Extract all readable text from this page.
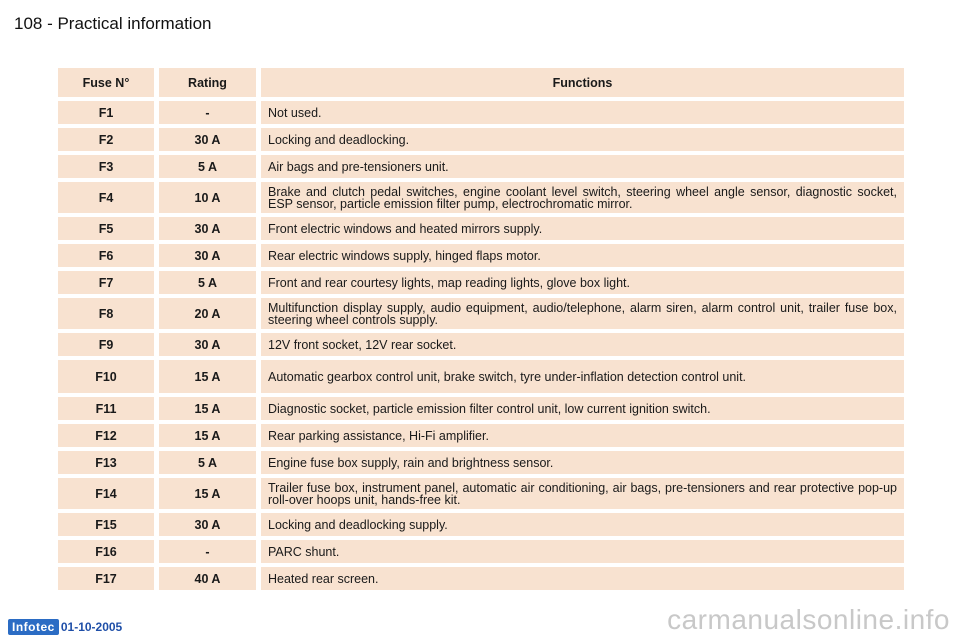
108 - Practical information
Fuse N°	Rating	Functions
F1	-	Not used.
F2	30 A	Locking and deadlocking.
F3	5 A	Air bags and pre-tensioners unit.
F4	10 A	Brake and clutch pedal switches, engine coolant level switch, steering wheel angle sensor, diagnostic socket, ESP sensor, particle emission filter pump, electrochromatic mirror.
F5	30 A	Front electric windows and heated mirrors supply.
F6	30 A	Rear electric windows supply, hinged flaps motor.
F7	5 A	Front and rear courtesy lights, map reading lights, glove box light.
F8	20 A	Multifunction display supply, audio equipment, audio/telephone, alarm siren, alarm control unit, trailer fuse box, steering wheel controls supply.
F9	30 A	12V front socket, 12V rear socket.
F10	15 A	Automatic gearbox control unit, brake switch, tyre under-inflation detection control unit.
F11	15 A	Diagnostic socket, particle emission filter control unit, low current ignition switch.
F12	15 A	Rear parking assistance, Hi-Fi amplifier.
F13	5 A	Engine fuse box supply, rain and brightness sensor.
F14	15 A	Trailer fuse box, instrument panel, automatic air conditioning, air bags, pre-tensioners and rear protective pop-up roll-over hoops unit, hands-free kit.
F15	30 A	Locking and deadlocking supply.
F16	-	PARC shunt.
F17	40 A	Heated rear screen.
Infotec 01-10-2005	carmanualsonline.info
